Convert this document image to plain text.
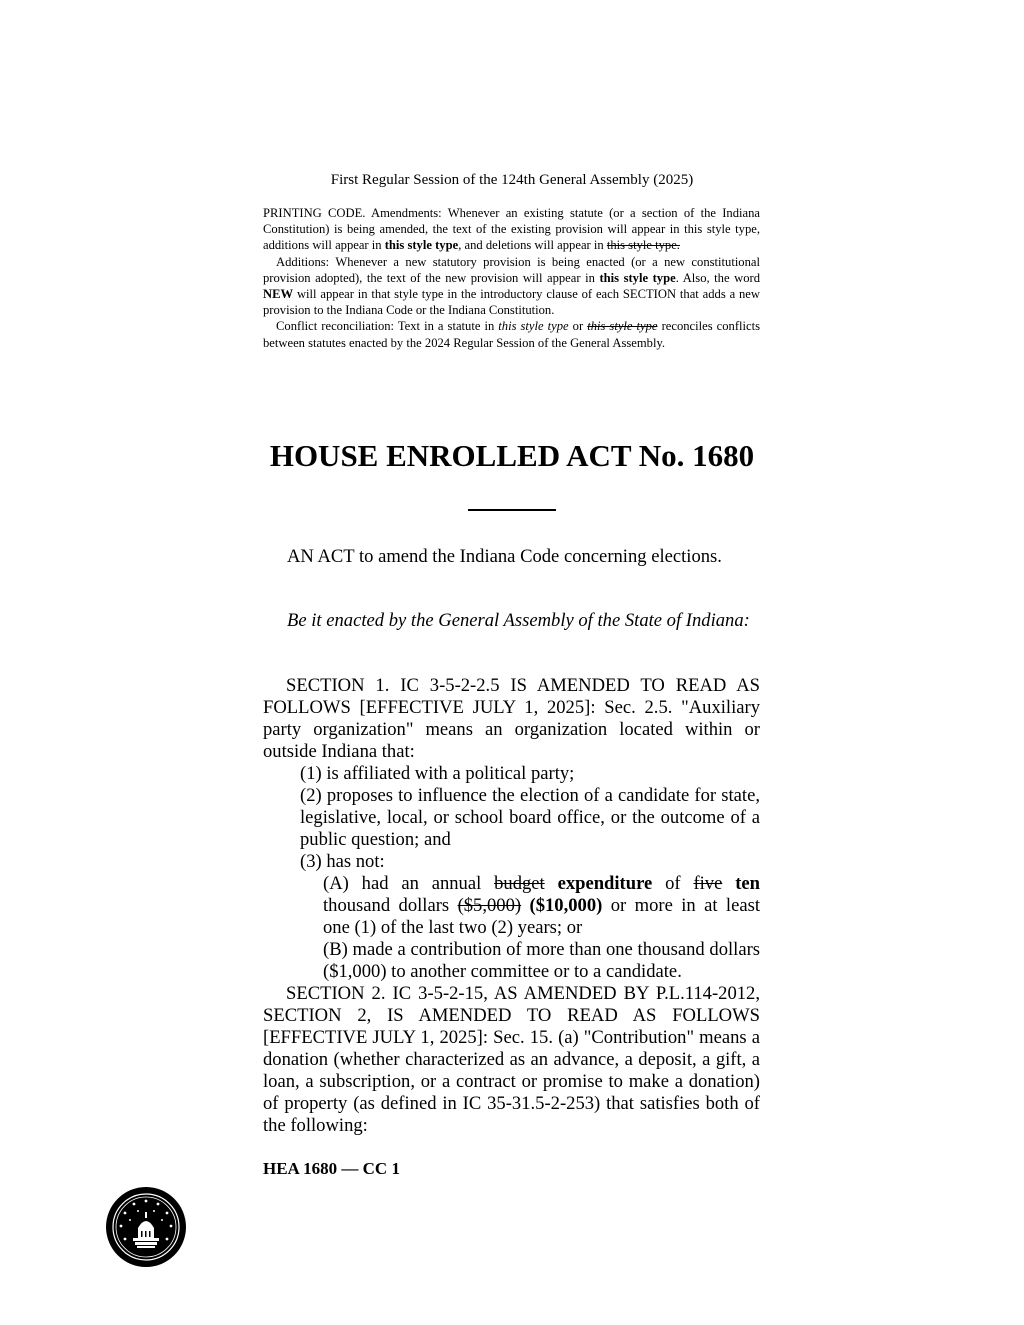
First Regular Session of the 124th General Assembly (2025)

PRINTING CODE. Amendments: Whenever an existing statute (or a section of the Indiana Constitution) is being amended, the text of the existing provision will appear in this style type, additions will appear in this style type, and deletions will appear in this style type.

Additions: Whenever a new statutory provision is being enacted (or a new constitutional provision adopted), the text of the new provision will appear in this style type. Also, the word NEW will appear in that style type in the introductory clause of each SECTION that adds a new provision to the Indiana Code or the Indiana Constitution.

Conflict reconciliation: Text in a statute in this style type or this style type reconciles conflicts between statutes enacted by the 2024 Regular Session of the General Assembly.

HOUSE ENROLLED ACT No. 1680
AN ACT to amend the Indiana Code concerning elections.
Be it enacted by the General Assembly of the State of Indiana:

SECTION 1. IC 3-5-2-2.5 IS AMENDED TO READ AS FOLLOWS [EFFECTIVE JULY 1, 2025]: Sec. 2.5. "Auxiliary party organization" means an organization located within or outside Indiana that:

(1) is affiliated with a political party;

(2) proposes to influence the election of a candidate for state, legislative, local, or school board office, or the outcome of a public question; and

(3) has not:

(A) had an annual budget expenditure of five ten thousand dollars ($5,000) ($10,000) or more in at least one (1) of the last two (2) years; or

(B) made a contribution of more than one thousand dollars ($1,000) to another committee or to a candidate.

SECTION 2. IC 3-5-2-15, AS AMENDED BY P.L.114-2012, SECTION 2, IS AMENDED TO READ AS FOLLOWS [EFFECTIVE JULY 1, 2025]: Sec. 15. (a) "Contribution" means a donation (whether characterized as an advance, a deposit, a gift, a loan, a subscription, or a contract or promise to make a donation) of property (as defined in IC 35-31.5-2-253) that satisfies both of the following:

HEA 1680 — CC 1
